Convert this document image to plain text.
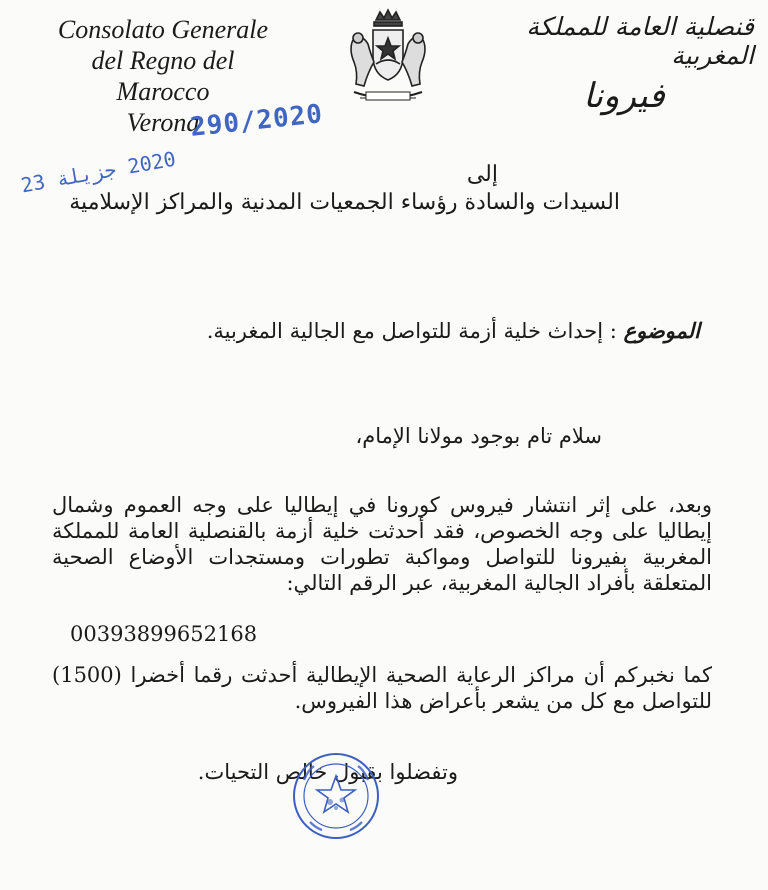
Consolato Generale
del Regno del Marocco
Verona
قنصلية العامة للمملكة المغربية
فيرونا
290/2020
2020 جزيلة 23	إلى
السيدات والسادة رؤساء الجمعيات المدنية والمراكز الإسلامية
الموضوع : إحداث خلية أزمة للتواصل مع الجالية المغربية.
سلام تام بوجود مولانا الإمام،
وبعد، على إثر انتشار فيروس كورونا في إيطاليا على وجه العموم وشمال إيطاليا على وجه الخصوص، فقد أحدثت خلية أزمة بالقنصلية العامة للمملكة المغربية بفيرونا للتواصل ومواكبة تطورات ومستجدات الأوضاع الصحية المتعلقة بأفراد الجالية المغربية، عبر الرقم التالي:
00393899652168
كما نخبركم أن مراكز الرعاية الصحية الإيطالية أحدثت رقما أخضرا (1500) للتواصل مع كل من يشعر بأعراض هذا الفيروس.
وتفضلوا بقبول خالص التحيات.
